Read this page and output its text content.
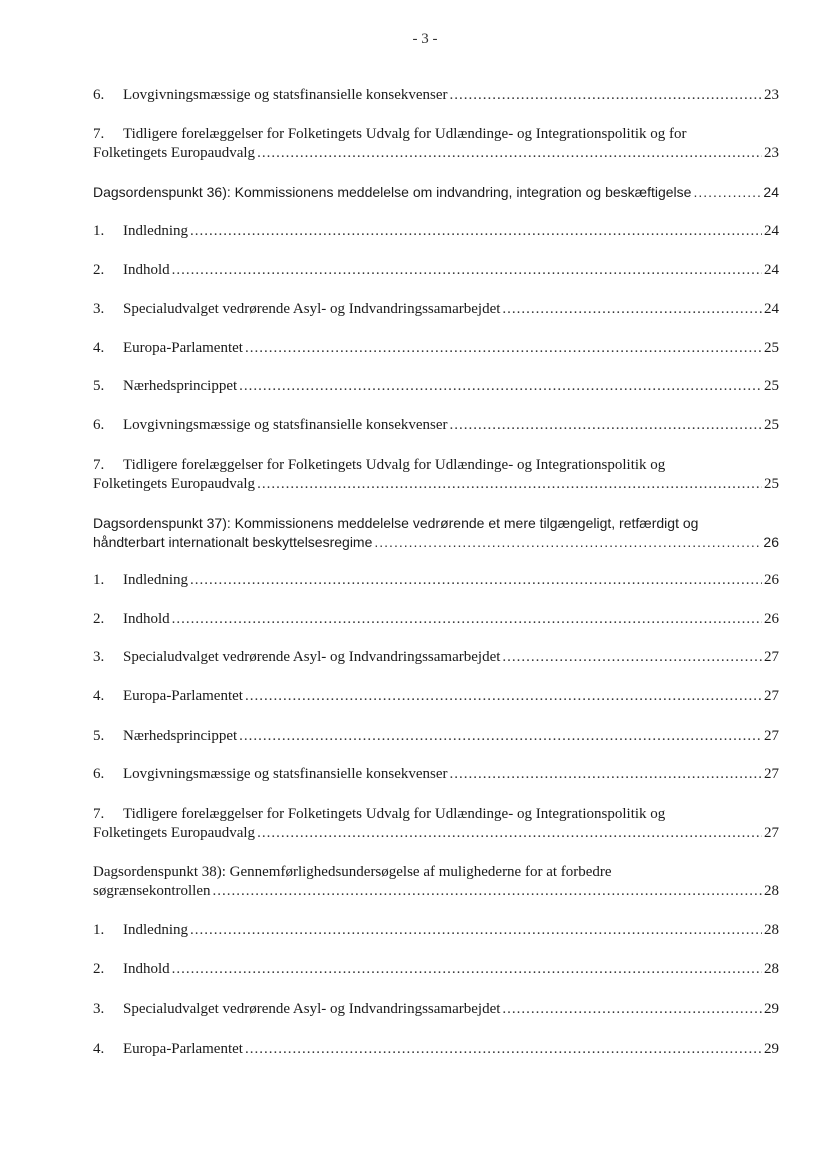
- 3 -
6.	Lovgivningsmæssige og statsfinansielle konsekvenser .....	23
7.	Tidligere forelæggelser for Folketingets Udvalg for Udlændinge- og Integrationspolitik og for
Folketingets Europaudvalg .....	23
Dagsordenspunkt 36): Kommissionens meddelelse om indvandring, integration og beskæftigelse .....	24
1.	Indledning .....	24
2.	Indhold .....	24
3.	Specialudvalget vedrørende Asyl- og Indvandringssamarbejdet .....	24
4.	Europa-Parlamentet .....	25
5.	Nærhedsprincippet .....	25
6.	Lovgivningsmæssige og statsfinansielle konsekvenser .....	25
7.	Tidligere forelæggelser for Folketingets Udvalg for Udlændinge- og Integrationspolitik og
Folketingets Europaudvalg .....	25
Dagsordenspunkt 37): Kommissionens meddelelse vedrørende et mere tilgængeligt, retfærdigt og
håndterbart internationalt beskyttelsesregime .....	26
1.	Indledning .....	26
2.	Indhold .....	26
3.	Specialudvalget vedrørende Asyl- og Indvandringssamarbejdet .....	27
4.	Europa-Parlamentet .....	27
5.	Nærhedsprincippet .....	27
6.	Lovgivningsmæssige og statsfinansielle konsekvenser .....	27
7.	Tidligere forelæggelser for Folketingets Udvalg for Udlændinge- og Integrationspolitik og
Folketingets Europaudvalg .....	27
Dagsordenspunkt 38): Gennemførlighedsundersøgelse af mulighederne for at forbedre
søgrænsekontrollen .....	28
1.	Indledning .....	28
2.	Indhold .....	28
3.	Specialudvalget vedrørende Asyl- og Indvandringssamarbejdet .....	29
4.	Europa-Parlamentet .....	29
